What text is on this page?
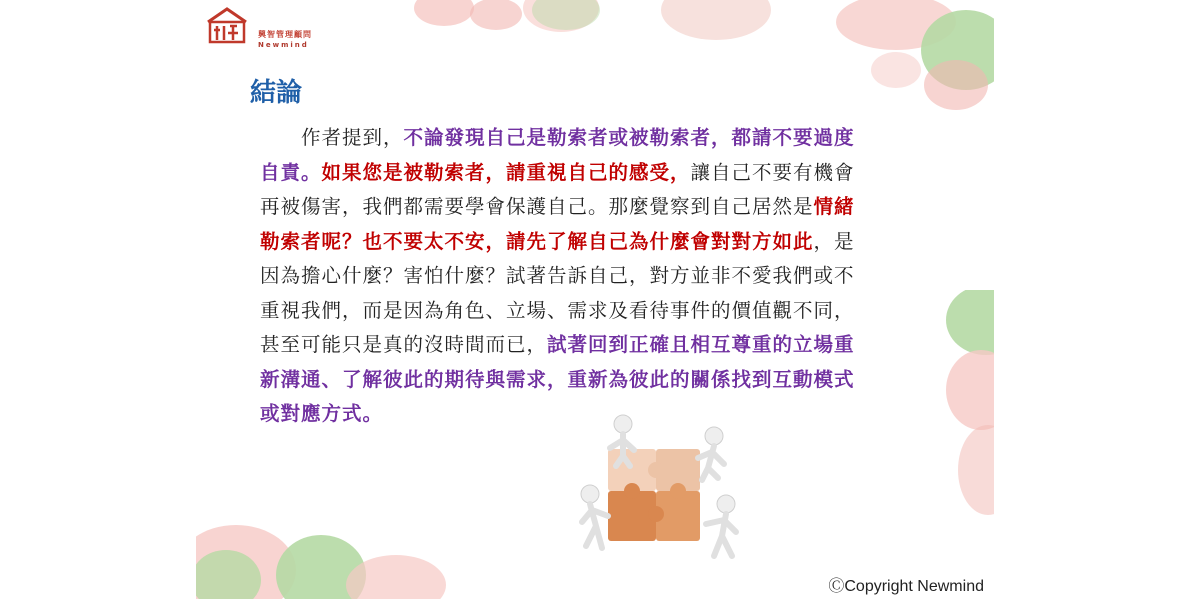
興智管理顧問
Newmind
結論
　　作者提到，不論發現自己是勒索者或被勒索者，都請不要過度
自責。如果您是被勒索者，請重視自己的感受，讓自己不要有機會
再被傷害，我們都需要學會保護自己。那麼覺察到自己居然是情緒
勒索者呢？也不要太不安，請先了解自己為什麼會對對方如此，是
因為擔心什麼？害怕什麼？試著告訴自己，對方並非不愛我們或不
重視我們，而是因為角色、立場、需求及看待事件的價值觀不同，
甚至可能只是真的沒時間而已，試著回到正確且相互尊重的立場重
新溝通、了解彼此的期待與需求，重新為彼此的關係找到互動模式
或對應方式。
ⒸCopyright Newmind
